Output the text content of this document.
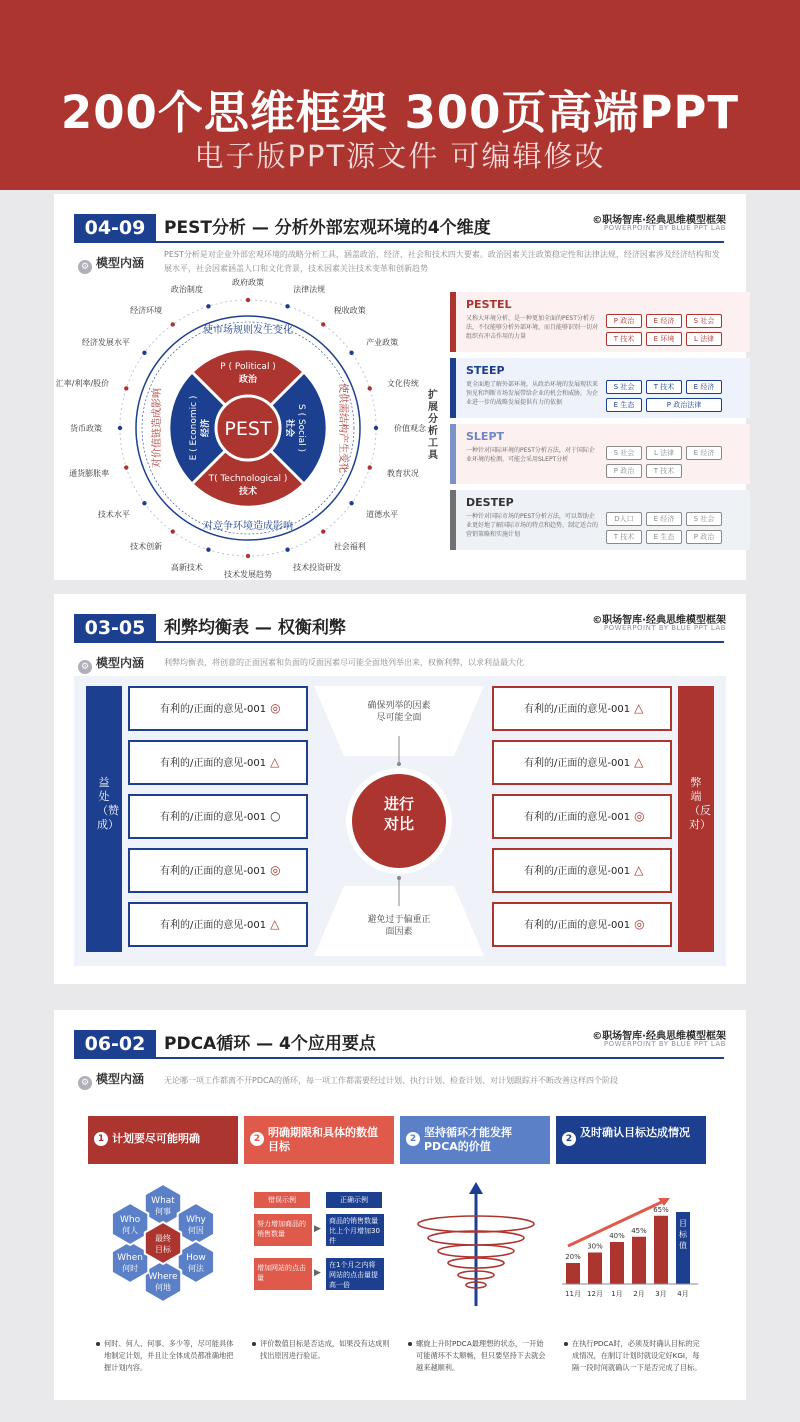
200个思维框架 300页高端PPT
电子版PPT源文件 可编辑修改
04-09	PEST分析 — 分析外部宏观环境的4个维度	©职场智库·经典思维模型框架
POWERPOINT BY BLUE PPT LAB
⚙ 模型内涵
PEST分析是对企业外部宏观环境的战略分析工具，涵盖政治、经济、社会和技术四大要素。政治因素关注政策稳定性和法律法规，经济因素涉及经济结构和发展水平，社会因素涵盖人口和文化背景，技术因素关注技术变革和创新趋势
PEST
P ( Political )
政治
T( Technological )
技术
E ( Economic ) 经济	S ( Social )
社会
使市场规则发生变化
对竞争环境造成影响
对价值链造成影响	使供需结构产生变化
法律法规
税收政策
产业政策
文化传统
价值观念
教育状况
道德水平
社会福利
技术投资研发
技术发展趋势
高新技术
技术创新
技术水平
通货膨胀率
货币政策
汇率/利率/股价
经济发展水平
经济环境
政治制度
政府政策
扩展分析工具
PESTEL
又称大环境分析，是一种更加全面的PEST分析方法，不仅能够分析外部环境，而且能够识别一切对组织有冲击作用的力量
P 政治	E 经济	S 社会
T 技术	E 环境	L 法律
STEEP
更全面地了解外部环境，从政治环境的发展现状来预见和判断市场发展带给企业的机会和威胁，为企业进一步的战略发展提供有力的依据
S 社会	T 技术	E 经济
E 生态	P 政治法律
SLEPT
一种针对国际环境的PEST分析方法，对于国际企业环境的检测，可能会采用SLEPT分析
S 社会	L 法律	E 经济
P 政治	T 技术
DESTEP
一种针对国际市场的PEST分析方法，可以帮助企业更好地了解国际市场的特点和趋势，制定适合的营销策略和实施计划
D人口	E 经济	S 社会
T 技术	E 生态	P 政治
03-05	利弊均衡表 — 权衡利弊	©职场智库·经典思维模型框架
POWERPOINT BY BLUE PPT LAB
⚙ 模型内涵 利弊均衡表，将创意的正面因素和负面的反面因素尽可能全面地列举出来，权衡利弊，以求利益最大化
确保列举的因素尽可能全面
避免过于偏重正面因素
进行对比
益处（赞成）
弊端（反对）
有利的/正面的意见-001 ◎
有利的/正面的意见-001 △
有利的/正面的意见-001 ○
有利的/正面的意见-001 ◎
有利的/正面的意见-001 △
有利的/正面的意见-001 △
有利的/正面的意见-001 △
有利的/正面的意见-001 ◎
有利的/正面的意见-001 △
有利的/正面的意见-001 ◎
06-02	PDCA循环 — 4个应用要点	©职场智库·经典思维模型框架
POWERPOINT BY BLUE PPT LAB
⚙ 模型内涵 无论哪一项工作都离不开PDCA的循环，每一项工作都需要经过计划、执行计划、检查计划、对计划跟踪并不断改善这样四个阶段
1 计划要尽可能明确	2 明确期限和具体的数值目标
2 坚持循环才能发挥PDCA的价值
2 及时确认目标达成情况
What
何事
Why
何因
How
何法
Where
何地
When
何时
Who
何人
最终
目标
错误示例	正确示例
努力增加商品的销售数量	▶
商品的销售数量比上个月增加30件
增加网站的点击量	▶
在1个月之内将网站的点击量提高一倍
20%
11月
30%
12月
40%
1月
45%
2月
65%
3月
目
标
值
4月
何时、何人、何事、多少等，尽可能具体地制定计划，并且让全体成员都准确地把握计划内容。
评价数值目标是否达成，如果没有达成则找出原因进行验证。
螺旋上升时PDCA最理想的状态，一开始可能循环不太顺畅，但只要坚持下去就会越来越顺利。
在执行PDCA时，必须及时确认目标的完成情况，在制订计划时就设定好KGI，每隔一段时间就确认一下是否完成了目标。
